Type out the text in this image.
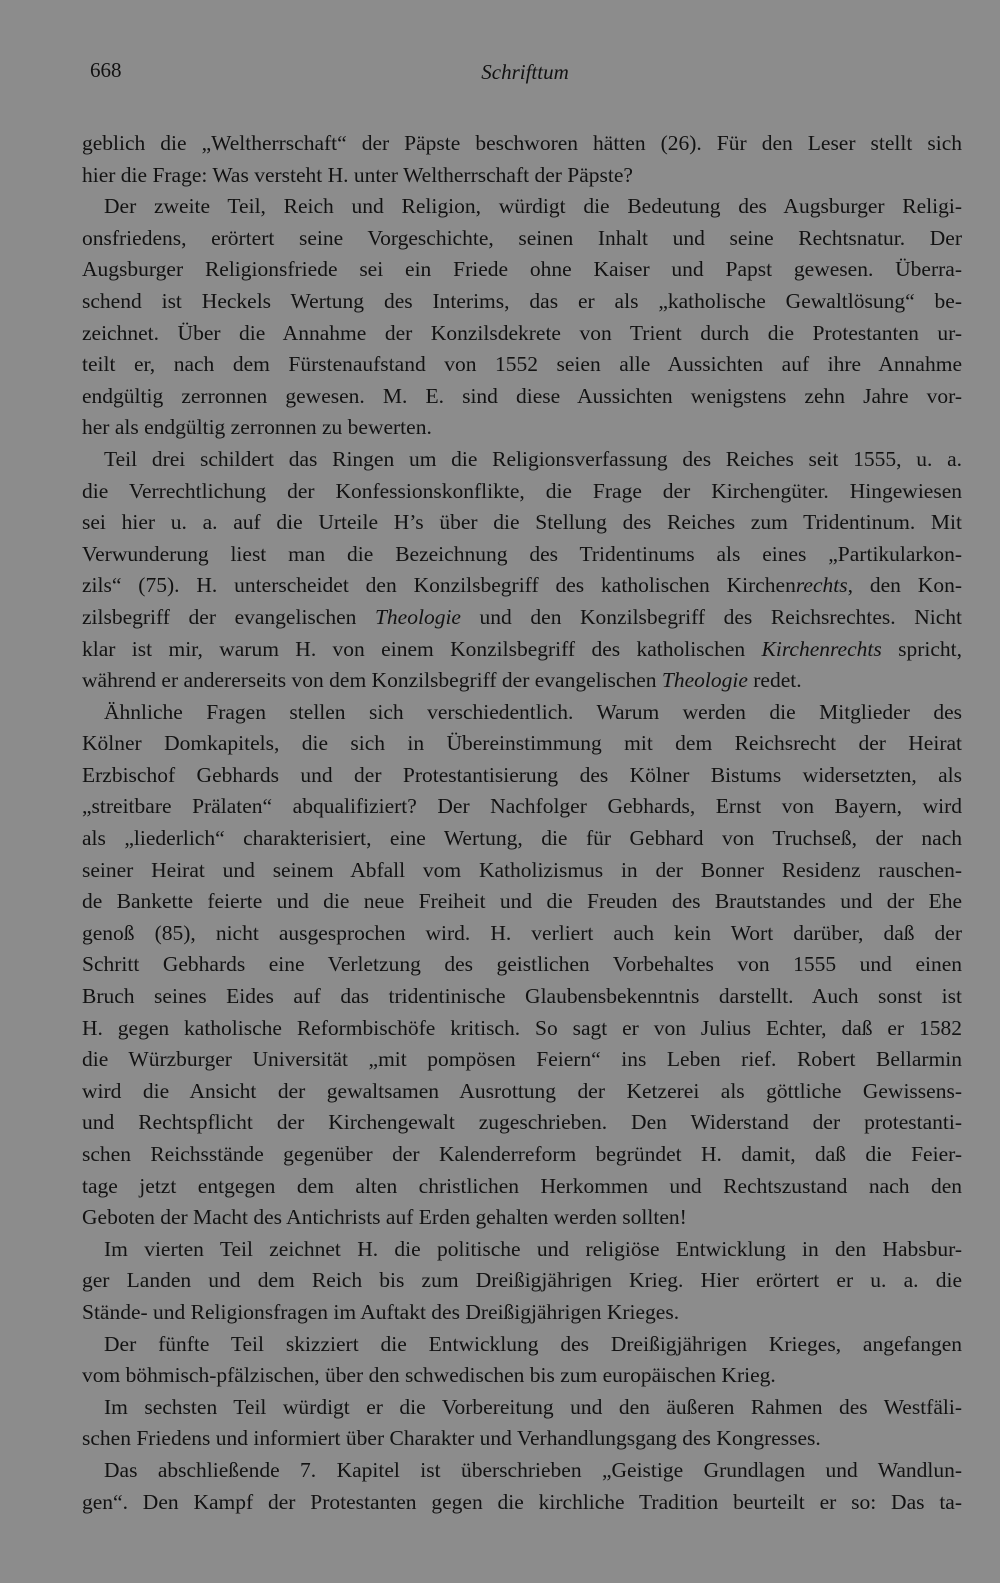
668	Schrifttum
geblich die „Weltherrschaft“ der Päpste beschworen hätten (26). Für den Leser stellt sich
hier die Frage: Was versteht H. unter Weltherrschaft der Päpste?
Der zweite Teil, Reich und Religion, würdigt die Bedeutung des Augsburger Religi-
onsfriedens, erörtert seine Vorgeschichte, seinen Inhalt und seine Rechtsnatur. Der
Augsburger Religionsfriede sei ein Friede ohne Kaiser und Papst gewesen. Überra-
schend ist Heckels Wertung des Interims, das er als „katholische Gewaltlösung“ be-
zeichnet. Über die Annahme der Konzilsdekrete von Trient durch die Protestanten ur-
teilt er, nach dem Fürstenaufstand von 1552 seien alle Aussichten auf ihre Annahme
endgültig zerronnen gewesen. M. E. sind diese Aussichten wenigstens zehn Jahre vor-
her als endgültig zerronnen zu bewerten.
Teil drei schildert das Ringen um die Religionsverfassung des Reiches seit 1555, u. a.
die Verrechtlichung der Konfessionskonflikte, die Frage der Kirchengüter. Hingewiesen
sei hier u. a. auf die Urteile H’s über die Stellung des Reiches zum Tridentinum. Mit
Verwunderung liest man die Bezeichnung des Tridentinums als eines „Partikularkon-
zils“ (75). H. unterscheidet den Konzilsbegriff des katholischen Kirchenrechts, den Kon-
zilsbegriff der evangelischen Theologie und den Konzilsbegriff des Reichsrechtes. Nicht
klar ist mir, warum H. von einem Konzilsbegriff des katholischen Kirchenrechts spricht,
während er andererseits von dem Konzilsbegriff der evangelischen Theologie redet.
Ähnliche Fragen stellen sich verschiedentlich. Warum werden die Mitglieder des
Kölner Domkapitels, die sich in Übereinstimmung mit dem Reichsrecht der Heirat
Erzbischof Gebhards und der Protestantisierung des Kölner Bistums widersetzten, als
„streitbare Prälaten“ abqualifiziert? Der Nachfolger Gebhards, Ernst von Bayern, wird
als „liederlich“ charakterisiert, eine Wertung, die für Gebhard von Truchseß, der nach
seiner Heirat und seinem Abfall vom Katholizismus in der Bonner Residenz rauschen-
de Bankette feierte und die neue Freiheit und die Freuden des Brautstandes und der Ehe
genoß (85), nicht ausgesprochen wird. H. verliert auch kein Wort darüber, daß der
Schritt Gebhards eine Verletzung des geistlichen Vorbehaltes von 1555 und einen
Bruch seines Eides auf das tridentinische Glaubensbekenntnis darstellt. Auch sonst ist
H. gegen katholische Reformbischöfe kritisch. So sagt er von Julius Echter, daß er 1582
die Würzburger Universität „mit pompösen Feiern“ ins Leben rief. Robert Bellarmin
wird die Ansicht der gewaltsamen Ausrottung der Ketzerei als göttliche Gewissens-
und Rechtspflicht der Kirchengewalt zugeschrieben. Den Widerstand der protestanti-
schen Reichsstände gegenüber der Kalenderreform begründet H. damit, daß die Feier-
tage jetzt entgegen dem alten christlichen Herkommen und Rechtszustand nach den
Geboten der Macht des Antichrists auf Erden gehalten werden sollten!
Im vierten Teil zeichnet H. die politische und religiöse Entwicklung in den Habsbur-
ger Landen und dem Reich bis zum Dreißigjährigen Krieg. Hier erörtert er u. a. die
Stände- und Religionsfragen im Auftakt des Dreißigjährigen Krieges.
Der fünfte Teil skizziert die Entwicklung des Dreißigjährigen Krieges, angefangen
vom böhmisch-pfälzischen, über den schwedischen bis zum europäischen Krieg.
Im sechsten Teil würdigt er die Vorbereitung und den äußeren Rahmen des Westfäli-
schen Friedens und informiert über Charakter und Verhandlungsgang des Kongresses.
Das abschließende 7. Kapitel ist überschrieben „Geistige Grundlagen und Wandlun-
gen“. Den Kampf der Protestanten gegen die kirchliche Tradition beurteilt er so: Das ta-
